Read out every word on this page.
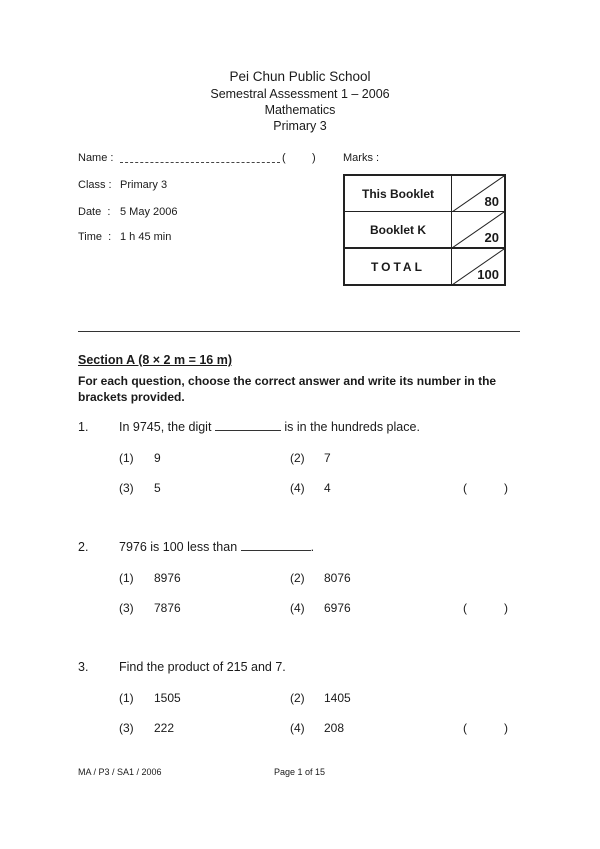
Pei Chun Public School
Semestral Assessment 1 – 2006
Mathematics
Primary 3
Name :	( ) Marks :
Class : Primary 3
Date  : 5 May 2006
Time  : 1 h 45 min
This Booklet	80

Booklet K	20

TOTAL	100
Section A (8 × 2 m = 16 m)
For each question, choose the correct answer and write its number in the brackets provided.
1. In 9745, the digit	is in the hundreds place.
(1) 9	(2) 7
(3) 5	(4) 4	(	)
2. 7976 is 100 less than	.
(1) 8976	(2) 8076
(3) 7876	(4) 6976	(	)
3. Find the product of 215 and 7.
(1) 1505	(2) 1405
(3) 222	(4) 208	(	)
MA / P3 / SA1 / 2006	Page 1 of 15
